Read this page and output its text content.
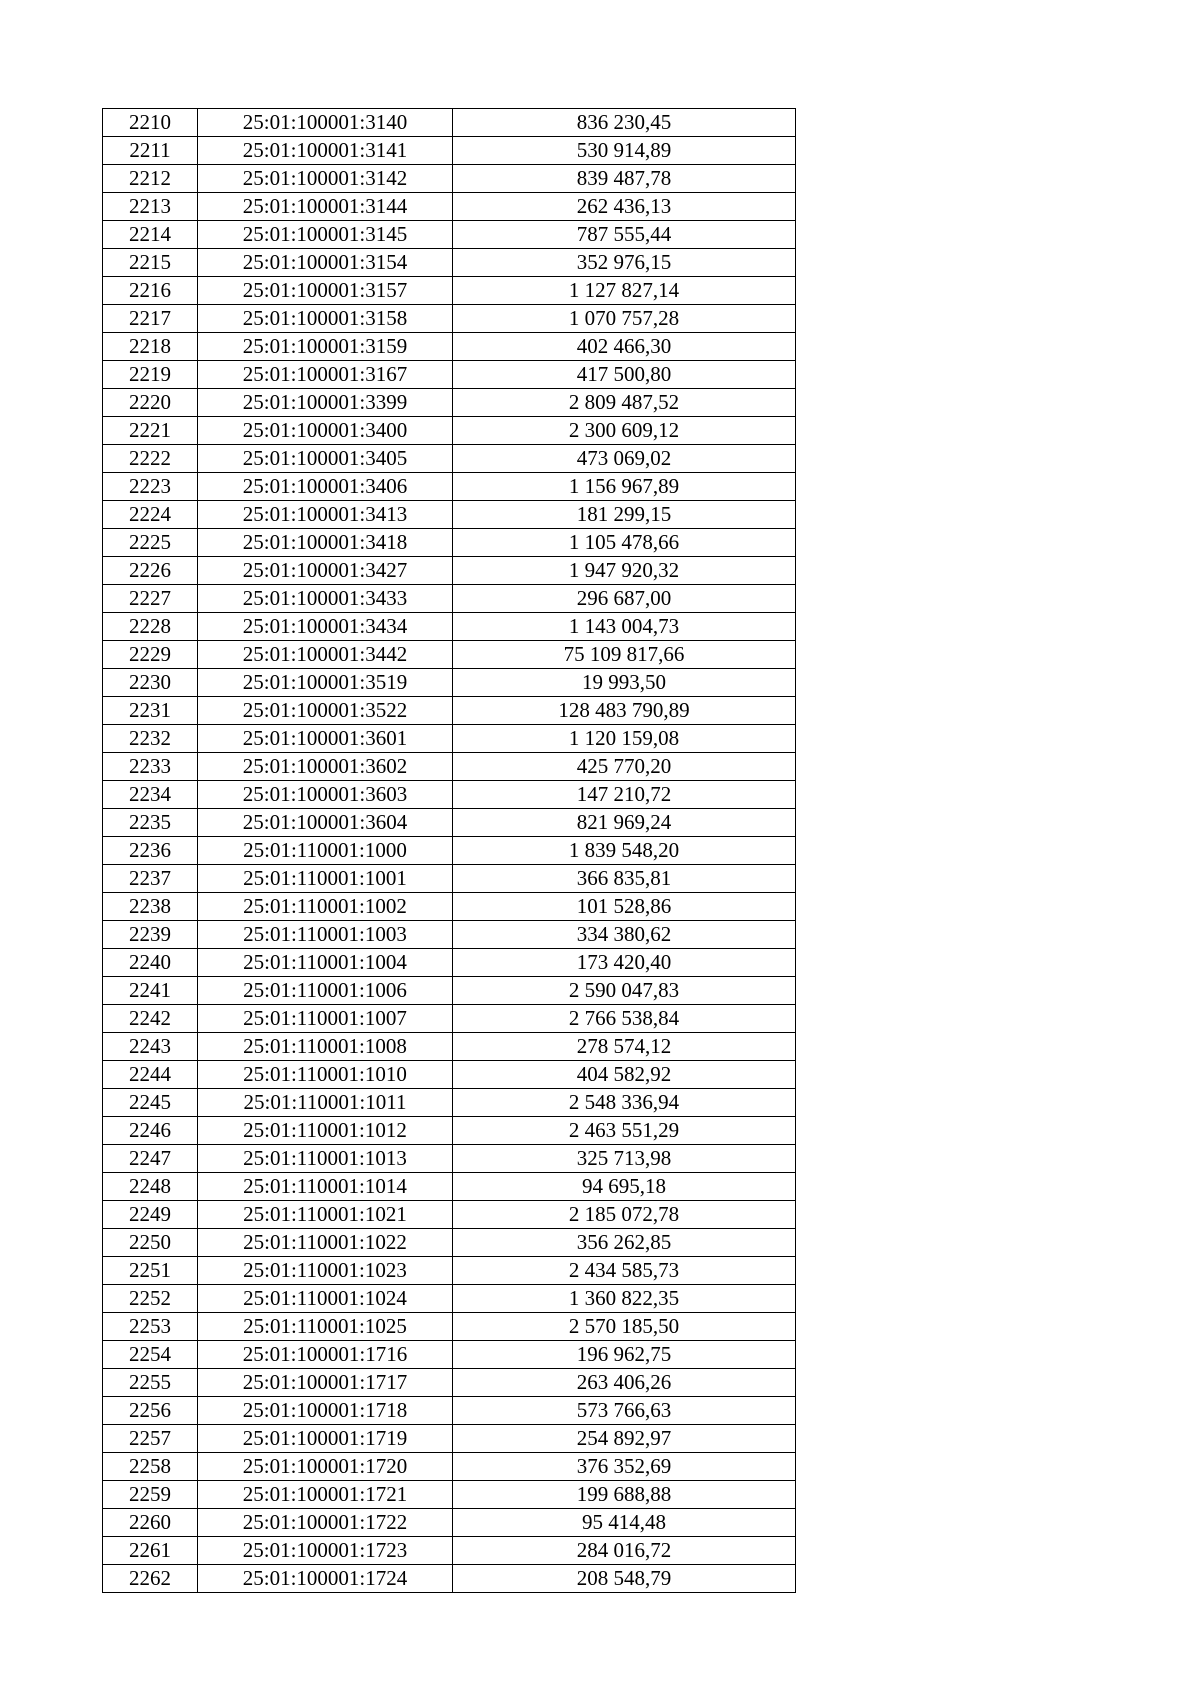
2210	25:01:100001:3140	836 230,45
2211	25:01:100001:3141	530 914,89
2212	25:01:100001:3142	839 487,78
2213	25:01:100001:3144	262 436,13
2214	25:01:100001:3145	787 555,44
2215	25:01:100001:3154	352 976,15
2216	25:01:100001:3157	1 127 827,14
2217	25:01:100001:3158	1 070 757,28
2218	25:01:100001:3159	402 466,30
2219	25:01:100001:3167	417 500,80
2220	25:01:100001:3399	2 809 487,52
2221	25:01:100001:3400	2 300 609,12
2222	25:01:100001:3405	473 069,02
2223	25:01:100001:3406	1 156 967,89
2224	25:01:100001:3413	181 299,15
2225	25:01:100001:3418	1 105 478,66
2226	25:01:100001:3427	1 947 920,32
2227	25:01:100001:3433	296 687,00
2228	25:01:100001:3434	1 143 004,73
2229	25:01:100001:3442	75 109 817,66
2230	25:01:100001:3519	19 993,50
2231	25:01:100001:3522	128 483 790,89
2232	25:01:100001:3601	1 120 159,08
2233	25:01:100001:3602	425 770,20
2234	25:01:100001:3603	147 210,72
2235	25:01:100001:3604	821 969,24
2236	25:01:110001:1000	1 839 548,20
2237	25:01:110001:1001	366 835,81
2238	25:01:110001:1002	101 528,86
2239	25:01:110001:1003	334 380,62
2240	25:01:110001:1004	173 420,40
2241	25:01:110001:1006	2 590 047,83
2242	25:01:110001:1007	2 766 538,84
2243	25:01:110001:1008	278 574,12
2244	25:01:110001:1010	404 582,92
2245	25:01:110001:1011	2 548 336,94
2246	25:01:110001:1012	2 463 551,29
2247	25:01:110001:1013	325 713,98
2248	25:01:110001:1014	94 695,18
2249	25:01:110001:1021	2 185 072,78
2250	25:01:110001:1022	356 262,85
2251	25:01:110001:1023	2 434 585,73
2252	25:01:110001:1024	1 360 822,35
2253	25:01:110001:1025	2 570 185,50
2254	25:01:100001:1716	196 962,75
2255	25:01:100001:1717	263 406,26
2256	25:01:100001:1718	573 766,63
2257	25:01:100001:1719	254 892,97
2258	25:01:100001:1720	376 352,69
2259	25:01:100001:1721	199 688,88
2260	25:01:100001:1722	95 414,48
2261	25:01:100001:1723	284 016,72
2262	25:01:100001:1724	208 548,79
